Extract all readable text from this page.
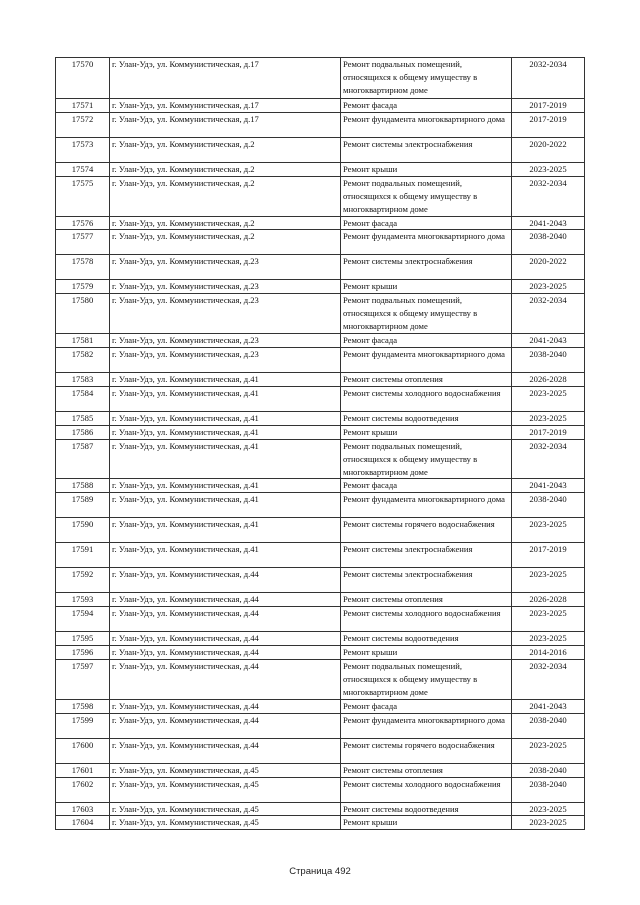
17570	г. Улан-Удэ, ул. Коммунистическая, д.17	Ремонт подвальных помещений, относящихся к общему имуществу в многоквартирном доме	2032-2034
17571	г. Улан-Удэ, ул. Коммунистическая, д.17	Ремонт фасада	2017-2019
17572	г. Улан-Удэ, ул. Коммунистическая, д.17	Ремонт фундамента многоквартирного дома	2017-2019
17573	г. Улан-Удэ, ул. Коммунистическая, д.2	Ремонт системы электроснабжения	2020-2022
17574	г. Улан-Удэ, ул. Коммунистическая, д.2	Ремонт крыши	2023-2025
17575	г. Улан-Удэ, ул. Коммунистическая, д.2	Ремонт подвальных помещений, относящихся к общему имуществу в многоквартирном доме	2032-2034
17576	г. Улан-Удэ, ул. Коммунистическая, д.2	Ремонт фасада	2041-2043
17577	г. Улан-Удэ, ул. Коммунистическая, д.2	Ремонт фундамента многоквартирного дома	2038-2040
17578	г. Улан-Удэ, ул. Коммунистическая, д.23	Ремонт системы электроснабжения	2020-2022
17579	г. Улан-Удэ, ул. Коммунистическая, д.23	Ремонт крыши	2023-2025
17580	г. Улан-Удэ, ул. Коммунистическая, д.23	Ремонт подвальных помещений, относящихся к общему имуществу в многоквартирном доме	2032-2034
17581	г. Улан-Удэ, ул. Коммунистическая, д.23	Ремонт фасада	2041-2043
17582	г. Улан-Удэ, ул. Коммунистическая, д.23	Ремонт фундамента многоквартирного дома	2038-2040
17583	г. Улан-Удэ, ул. Коммунистическая, д.41	Ремонт системы отопления	2026-2028
17584	г. Улан-Удэ, ул. Коммунистическая, д.41	Ремонт системы холодного водоснабжения	2023-2025
17585	г. Улан-Удэ, ул. Коммунистическая, д.41	Ремонт системы водоотведения	2023-2025
17586	г. Улан-Удэ, ул. Коммунистическая, д.41	Ремонт крыши	2017-2019
17587	г. Улан-Удэ, ул. Коммунистическая, д.41	Ремонт подвальных помещений, относящихся к общему имуществу в многоквартирном доме	2032-2034
17588	г. Улан-Удэ, ул. Коммунистическая, д.41	Ремонт фасада	2041-2043
17589	г. Улан-Удэ, ул. Коммунистическая, д.41	Ремонт фундамента многоквартирного дома	2038-2040
17590	г. Улан-Удэ, ул. Коммунистическая, д.41	Ремонт системы горячего водоснабжения	2023-2025
17591	г. Улан-Удэ, ул. Коммунистическая, д.41	Ремонт системы электроснабжения	2017-2019
17592	г. Улан-Удэ, ул. Коммунистическая, д.44	Ремонт системы электроснабжения	2023-2025
17593	г. Улан-Удэ, ул. Коммунистическая, д.44	Ремонт системы отопления	2026-2028
17594	г. Улан-Удэ, ул. Коммунистическая, д.44	Ремонт системы холодного водоснабжения	2023-2025
17595	г. Улан-Удэ, ул. Коммунистическая, д.44	Ремонт системы водоотведения	2023-2025
17596	г. Улан-Удэ, ул. Коммунистическая, д.44	Ремонт крыши	2014-2016
17597	г. Улан-Удэ, ул. Коммунистическая, д.44	Ремонт подвальных помещений, относящихся к общему имуществу в многоквартирном доме	2032-2034
17598	г. Улан-Удэ, ул. Коммунистическая, д.44	Ремонт фасада	2041-2043
17599	г. Улан-Удэ, ул. Коммунистическая, д.44	Ремонт фундамента многоквартирного дома	2038-2040
17600	г. Улан-Удэ, ул. Коммунистическая, д.44	Ремонт системы горячего водоснабжения	2023-2025
17601	г. Улан-Удэ, ул. Коммунистическая, д.45	Ремонт системы отопления	2038-2040
17602	г. Улан-Удэ, ул. Коммунистическая, д.45	Ремонт системы холодного водоснабжения	2038-2040
17603	г. Улан-Удэ, ул. Коммунистическая, д.45	Ремонт системы водоотведения	2023-2025
17604	г. Улан-Удэ, ул. Коммунистическая, д.45	Ремонт крыши	2023-2025
Страница 492
